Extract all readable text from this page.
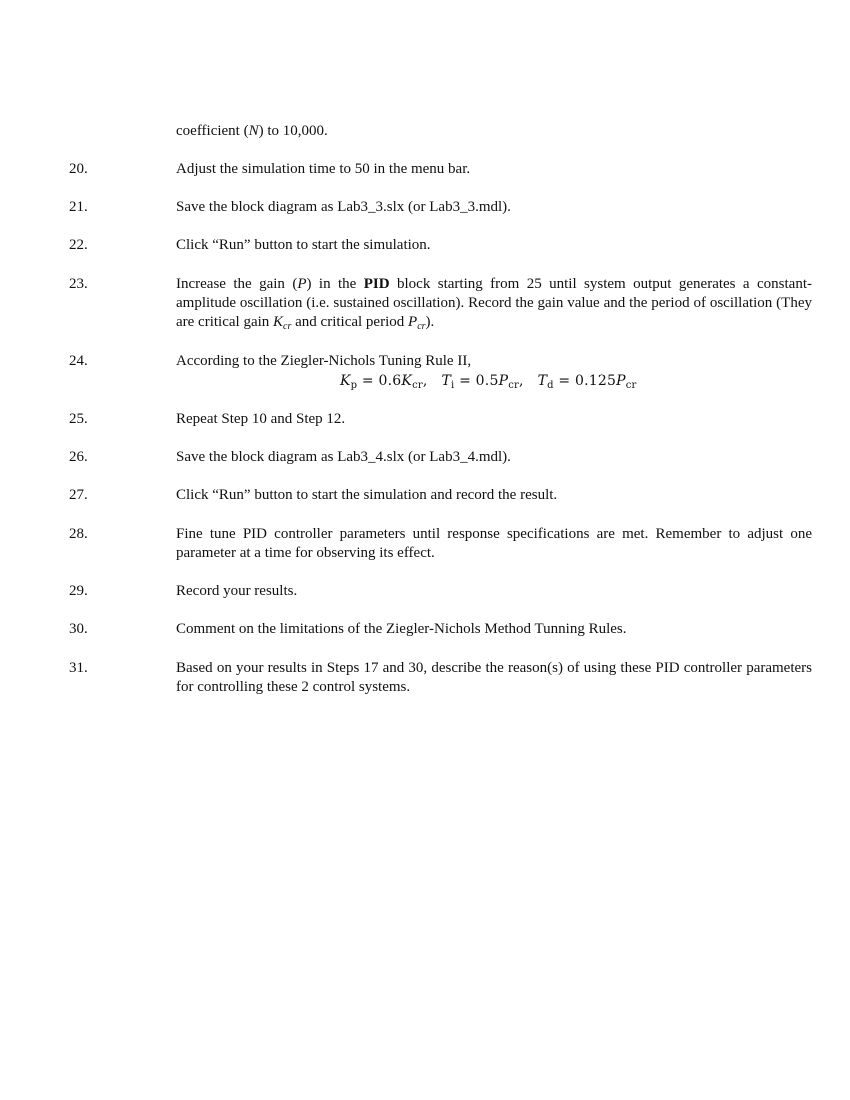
coefficient (N) to 10,000.
20.	Adjust the simulation time to 50 in the menu bar.
21.	Save the block diagram as Lab3_3.slx (or Lab3_3.mdl).
22.	Click “Run” button to start the simulation.
23.	Increase the gain (P) in the PID block starting from 25 until system output generates a constant-amplitude oscillation (i.e. sustained oscillation). Record the gain value and the period of oscillation (They are critical gain $K_{cr}$ and critical period $P_{cr}$).
24.	According to the Ziegler-Nichols Tuning Rule II,
$K_p = 0.6K_{cr}$, $T_i = 0.5P_{cr}$, $T_d = 0.125P_{cr}$
25.	Repeat Step 10 and Step 12.
26.	Save the block diagram as Lab3_4.slx (or Lab3_4.mdl).
27.	Click “Run” button to start the simulation and record the result.
28.	Fine tune PID controller parameters until response specifications are met. Remember to adjust one parameter at a time for observing its effect.
29.	Record your results.
30.	Comment on the limitations of the Ziegler-Nichols Method Tunning Rules.
31.	Based on your results in Steps 17 and 30, describe the reason(s) of using these PID controller parameters for controlling these 2 control systems.
